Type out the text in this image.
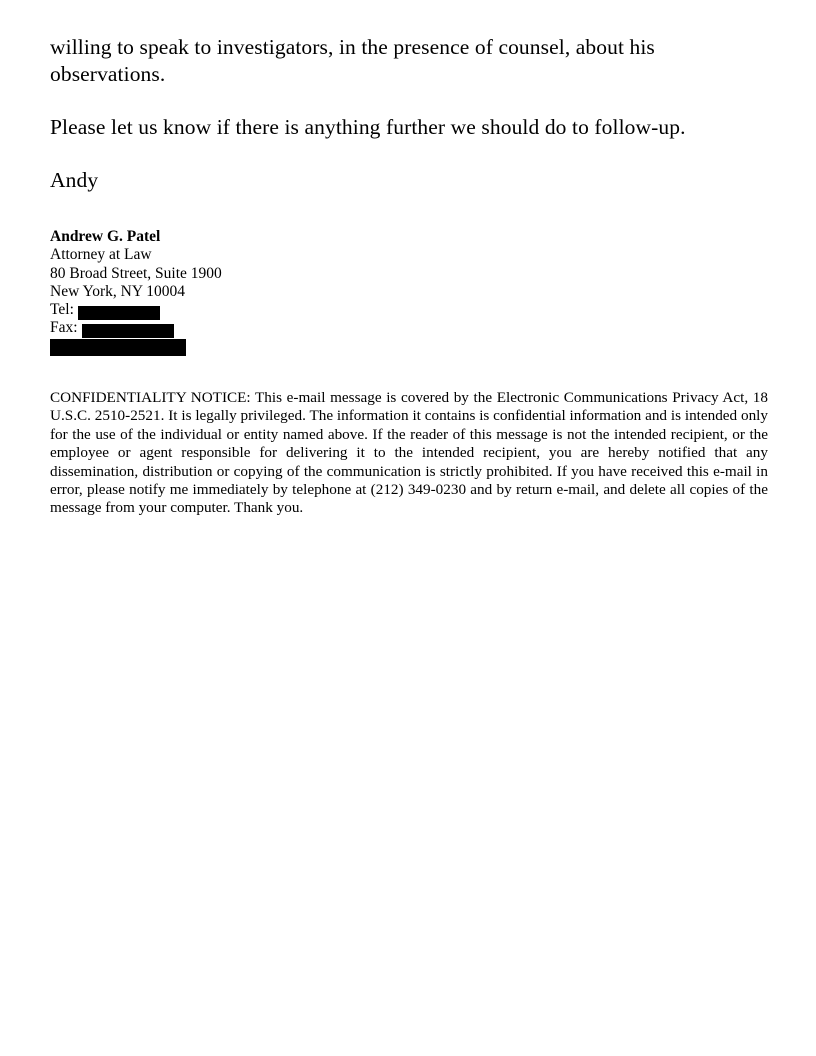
willing to speak to investigators, in the presence of counsel, about his observations.

Please let us know if there is anything further we should do to follow-up.

Andy

Andrew G. Patel
Attorney at Law
80 Broad Street, Suite 1900
New York, NY 10004
Tel:
Fax:

CONFIDENTIALITY NOTICE: This e-mail message is covered by the Electronic Communications Privacy Act, 18 U.S.C. 2510-2521. It is legally privileged. The information it contains is confidential information and is intended only for the use of the individual or entity named above. If the reader of this message is not the intended recipient, or the employee or agent responsible for delivering it to the intended recipient, you are hereby notified that any dissemination, distribution or copying of the communication is strictly prohibited. If you have received this e-mail in error, please notify me immediately by telephone at (212) 349-0230 and by return e-mail, and delete all copies of the message from your computer. Thank you.
